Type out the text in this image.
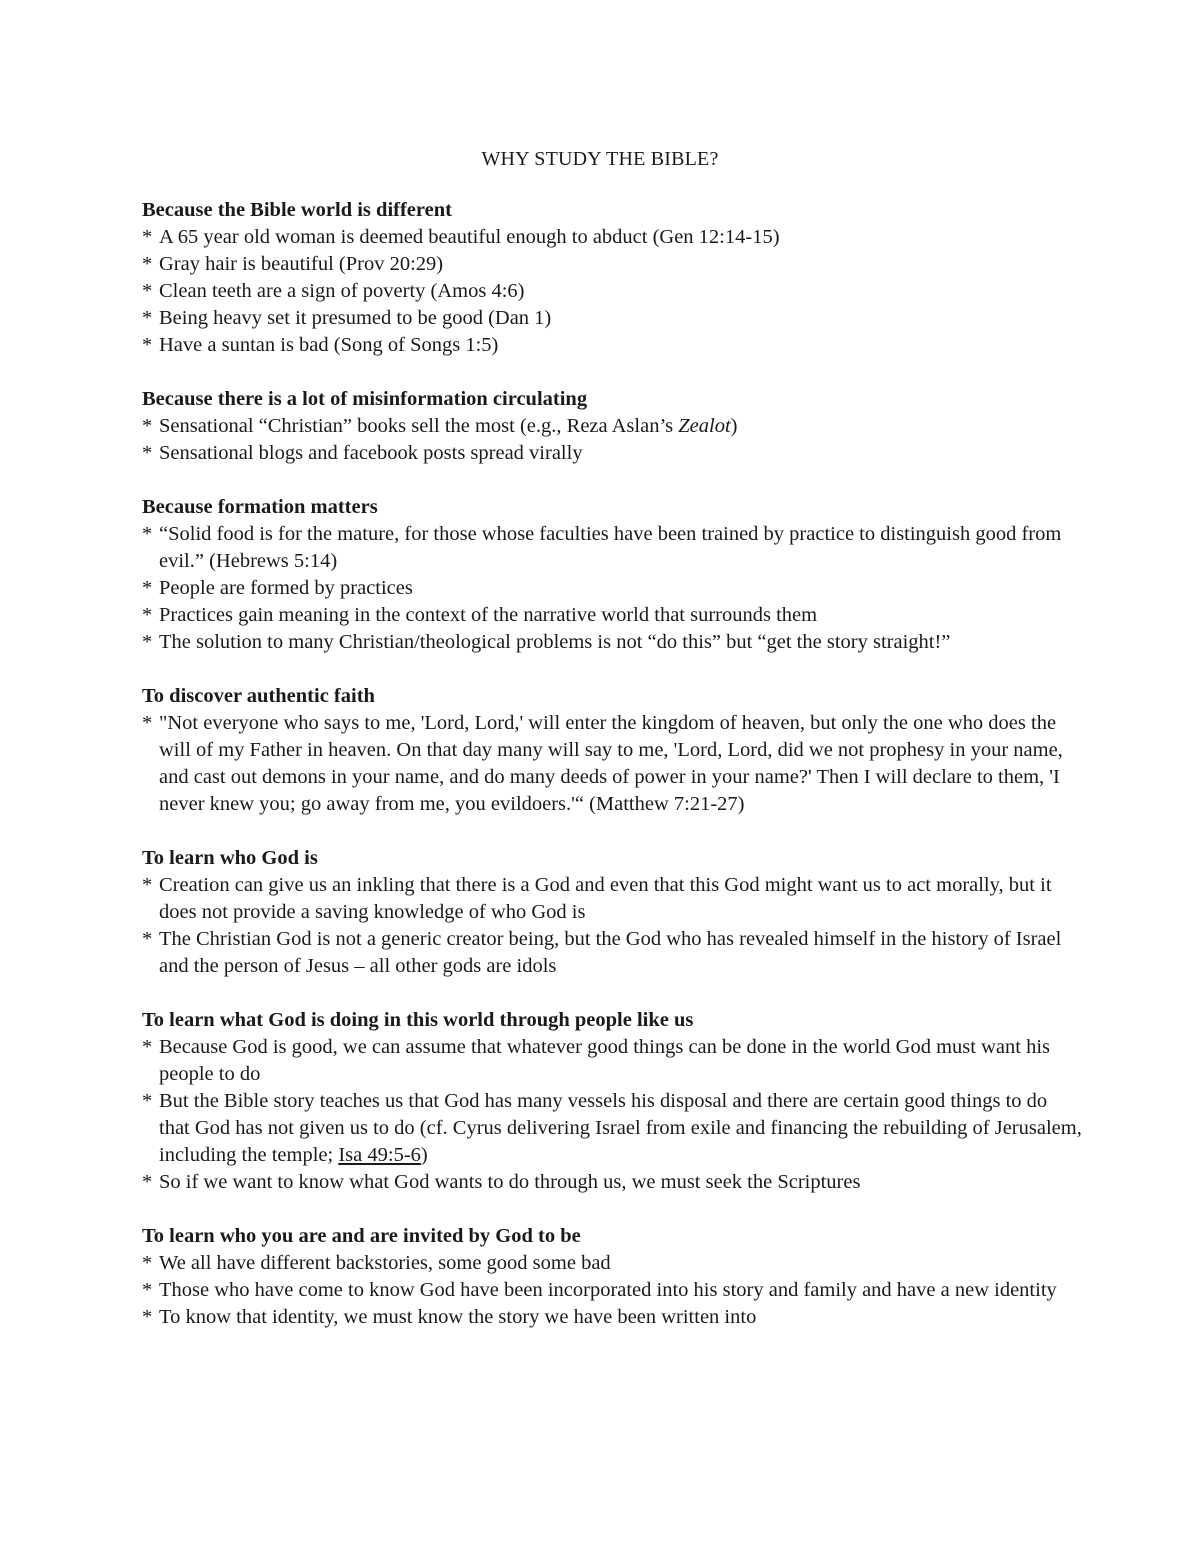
WHY STUDY THE BIBLE?

Because the Bible world is different

* A 65 year old woman is deemed beautiful enough to abduct (Gen 12:14-15)

* Gray hair is beautiful (Prov 20:29)

* Clean teeth are a sign of poverty (Amos 4:6)

* Being heavy set it presumed to be good (Dan 1)

* Have a suntan is bad (Song of Songs 1:5)

Because there is a lot of misinformation circulating

* Sensational “Christian” books sell the most (e.g., Reza Aslan’s Zealot)

* Sensational blogs and facebook posts spread virally

Because formation matters

* “Solid food is for the mature, for those whose faculties have been trained by practice to distinguish good from evil.” (Hebrews 5:14)

* People are formed by practices

* Practices gain meaning in the context of the narrative world that surrounds them

* The solution to many Christian/theological problems is not “do this” but “get the story straight!”

To discover authentic faith

* "Not everyone who says to me, 'Lord, Lord,' will enter the kingdom of heaven, but only the one who does the will of my Father in heaven. On that day many will say to me, 'Lord, Lord, did we not prophesy in your name, and cast out demons in your name, and do many deeds of power in your name?' Then I will declare to them, 'I never knew you; go away from me, you evildoers.'“ (Matthew 7:21-27)

To learn who God is

* Creation can give us an inkling that there is a God and even that this God might want us to act morally, but it does not provide a saving knowledge of who God is

* The Christian God is not a generic creator being, but the God who has revealed himself in the history of Israel and the person of Jesus – all other gods are idols

To learn what God is doing in this world through people like us

* Because God is good, we can assume that whatever good things can be done in the world God must want his people to do

* But the Bible story teaches us that God has many vessels his disposal and there are certain good things to do that God has not given us to do (cf. Cyrus delivering Israel from exile and financing the rebuilding of Jerusalem, including the temple; Isa 49:5-6)

* So if we want to know what God wants to do through us, we must seek the Scriptures

To learn who you are and are invited by God to be

* We all have different backstories, some good some bad

* Those who have come to know God have been incorporated into his story and family and have a new identity

* To know that identity, we must know the story we have been written into
